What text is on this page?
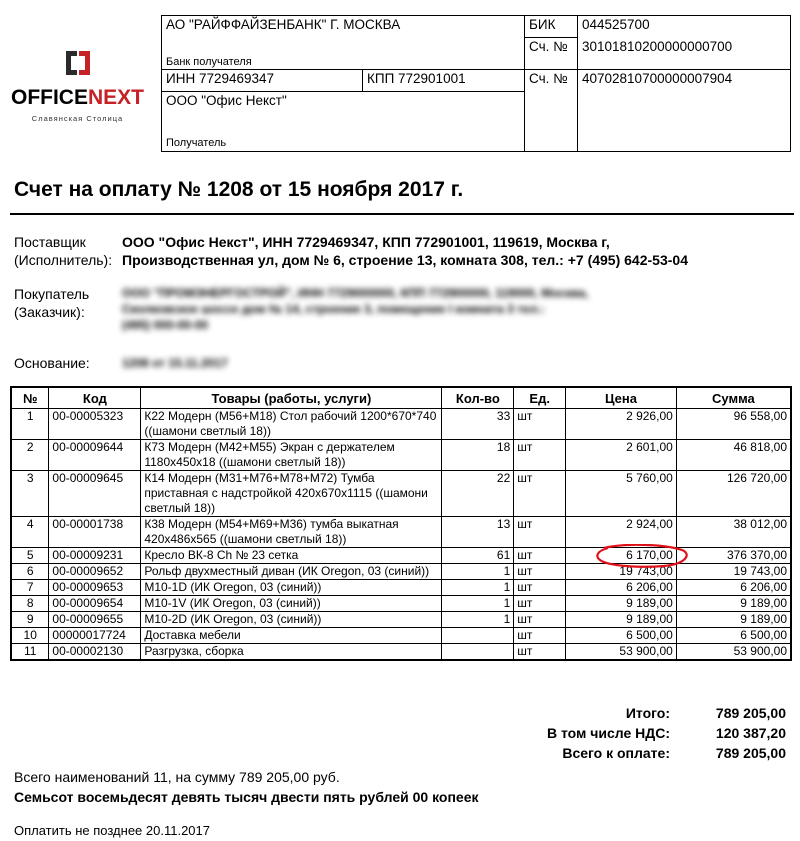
OFFICENEXT
Славянская Столица
АО "РАЙФФАЙЗЕНБАНК" Г. МОСКВА		БИК	044525700
Банк получателя		Сч. №	30101810200000000700
ИНН 7729469347	КПП 772901001	Сч. №	40702810700000007904

ООО "Офис Некст"
Получатель			
Счет на оплату № 1208 от 15 ноября 2017 г.
Поставщик
(Исполнитель):
ООО "Офис Некст", ИНН 7729469347, КПП 772901001, 119619, Москва г,
Производственная ул, дом № 6, строение 13, комната 308, тел.: +7 (495) 642-53-04
Покупатель
(Заказчик):
ООО "ПРОМЭНЕРГОСТРОЙ", ИНН 7729000000, КПП 772900000, 119000, Москва,
Сколковское шоссе дом № 14, строение 3, помещение I комната 3 тел.:
(495) 000-00-00
Основание:	1208 от 15.11.2017
№	Код	Товары (работы, услуги)	Кол-во	Ед.	Цена	Сумма
1	00-00005323	К22 Модерн (М56+М18) Стол рабочий 1200*670*740 ((шамони светлый 18))	33	шт	2 926,00	96 558,00
2	00-00009644	К73 Модерн (М42+М55) Экран с держателем 1180x450x18 ((шамони светлый 18))	18	шт	2 601,00	46 818,00
3	00-00009645	К14 Модерн (М31+М76+М78+М72) Тумба приставная с надстройкой 420x670x1115 ((шамони светлый 18))	22	шт	5 760,00	126 720,00
4	00-00001738	К38 Модерн (М54+М69+М36) тумба выкатная 420x486x565 ((шамони светлый 18))	13	шт	2 924,00	38 012,00
5	00-00009231	Кресло ВК-8 Ch № 23 сетка	61	шт	6 170,00	376 370,00
6	00-00009652	Рольф двухместный диван (ИК Oregon, 03 (синий))	1	шт	19 743,00	19 743,00
7	00-00009653	М10-1D (ИК Oregon, 03 (синий))	1	шт	6 206,00	6 206,00
8	00-00009654	М10-1V (ИК Oregon, 03 (синий))	1	шт	9 189,00	9 189,00
9	00-00009655	М10-2D (ИК Oregon, 03 (синий))	1	шт	9 189,00	9 189,00
10	00000017724	Доставка мебели		шт	6 500,00	6 500,00
11	00-00002130	Разгрузка, сборка		шт	53 900,00	53 900,00
Итого:	789 205,00
В том числе НДС:	120 387,20
Всего к оплате:	789 205,00
Всего наименований 11, на сумму 789 205,00 руб.
Семьсот восемьдесят девять тысяч двести пять рублей 00 копеек
Оплатить не позднее 20.11.2017
